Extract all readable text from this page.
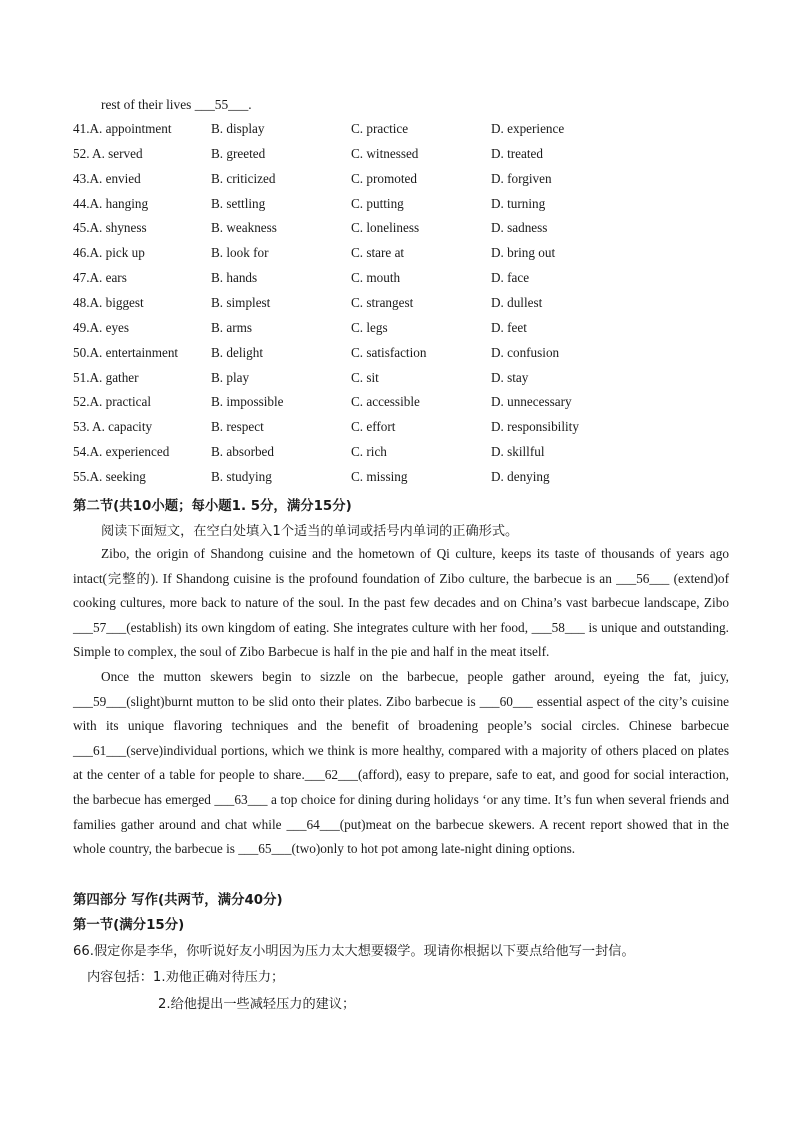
rest of their lives ___55___.
41.A. appointment	B. display	C. practice	D. experience
52. A. served	B. greeted	C. witnessed	D. treated
43.A. envied	B. criticized	C. promoted	D. forgiven
44.A. hanging	B. settling	C. putting	D. turning
45.A. shyness	B. weakness	C. loneliness	D. sadness
46.A. pick up	B. look for	C. stare at	D. bring out
47.A. ears	B. hands	C. mouth	D. face
48.A. biggest	B. simplest	C. strangest	D. dullest
49.A. eyes	B. arms	C. legs	D. feet
50.A. entertainment B. delight	C. satisfaction	D. confusion
51.A. gather	B. play	C. sit	D. stay
52.A. practical	B. impossible	C. accessible	D. unnecessary
53. A. capacity	B. respect	C. effort	D. responsibility
54.A. experienced	B. absorbed	C. rich	D. skillful
55.A. seeking	B. studying	C. missing	D. denying
第二节(共10小题；每小题1. 5分，满分15分)
阅读下面短文，在空白处填入1个适当的单词或括号内单词的正确形式。

Zibo, the origin of Shandong cuisine and the hometown of Qi culture, keeps its taste of thousands of years ago intact(完整的). If Shandong cuisine is the profound foundation of Zibo culture, the barbecue is an ___56___ (extend)of cooking cultures, more back to nature of the soul. In the past few decades and on China’s vast barbecue landscape, Zibo ___57___(establish) its own kingdom of eating. She integrates culture with her food, ___58___ is unique and outstanding. Simple to complex, the soul of Zibo Barbecue is half in the pie and half in the meat itself.

Once the mutton skewers begin to sizzle on the barbecue, people gather around, eyeing the fat, juicy, ___59___(slight)burnt mutton to be slid onto their plates. Zibo barbecue is ___60___ essential aspect of the city’s cuisine with its unique flavoring techniques and the benefit of broadening people’s social circles. Chinese barbecue ___61___(serve)individual portions, which we think is more healthy, compared with a majority of others placed on plates at the center of a table for people to share.___62___(afford), easy to prepare, safe to eat, and good for social interaction, the barbecue has emerged ___63___ a top choice for dining during holidays ‘or any time. It’s fun when several friends and families gather around and chat while ___64___(put)meat on the barbecue skewers. A recent report showed that in the whole country, the barbecue is ___65___(two)only to hot pot among late-night dining options.

第四部分 写作(共两节，满分40分)
第一节(满分15分)
66.假定你是李华，你听说好友小明因为压力太大想要辍学。现请你根据以下要点给他写一封信。
内容包括：1.劝他正确对待压力；
2.给他提出一些减轻压力的建议；
